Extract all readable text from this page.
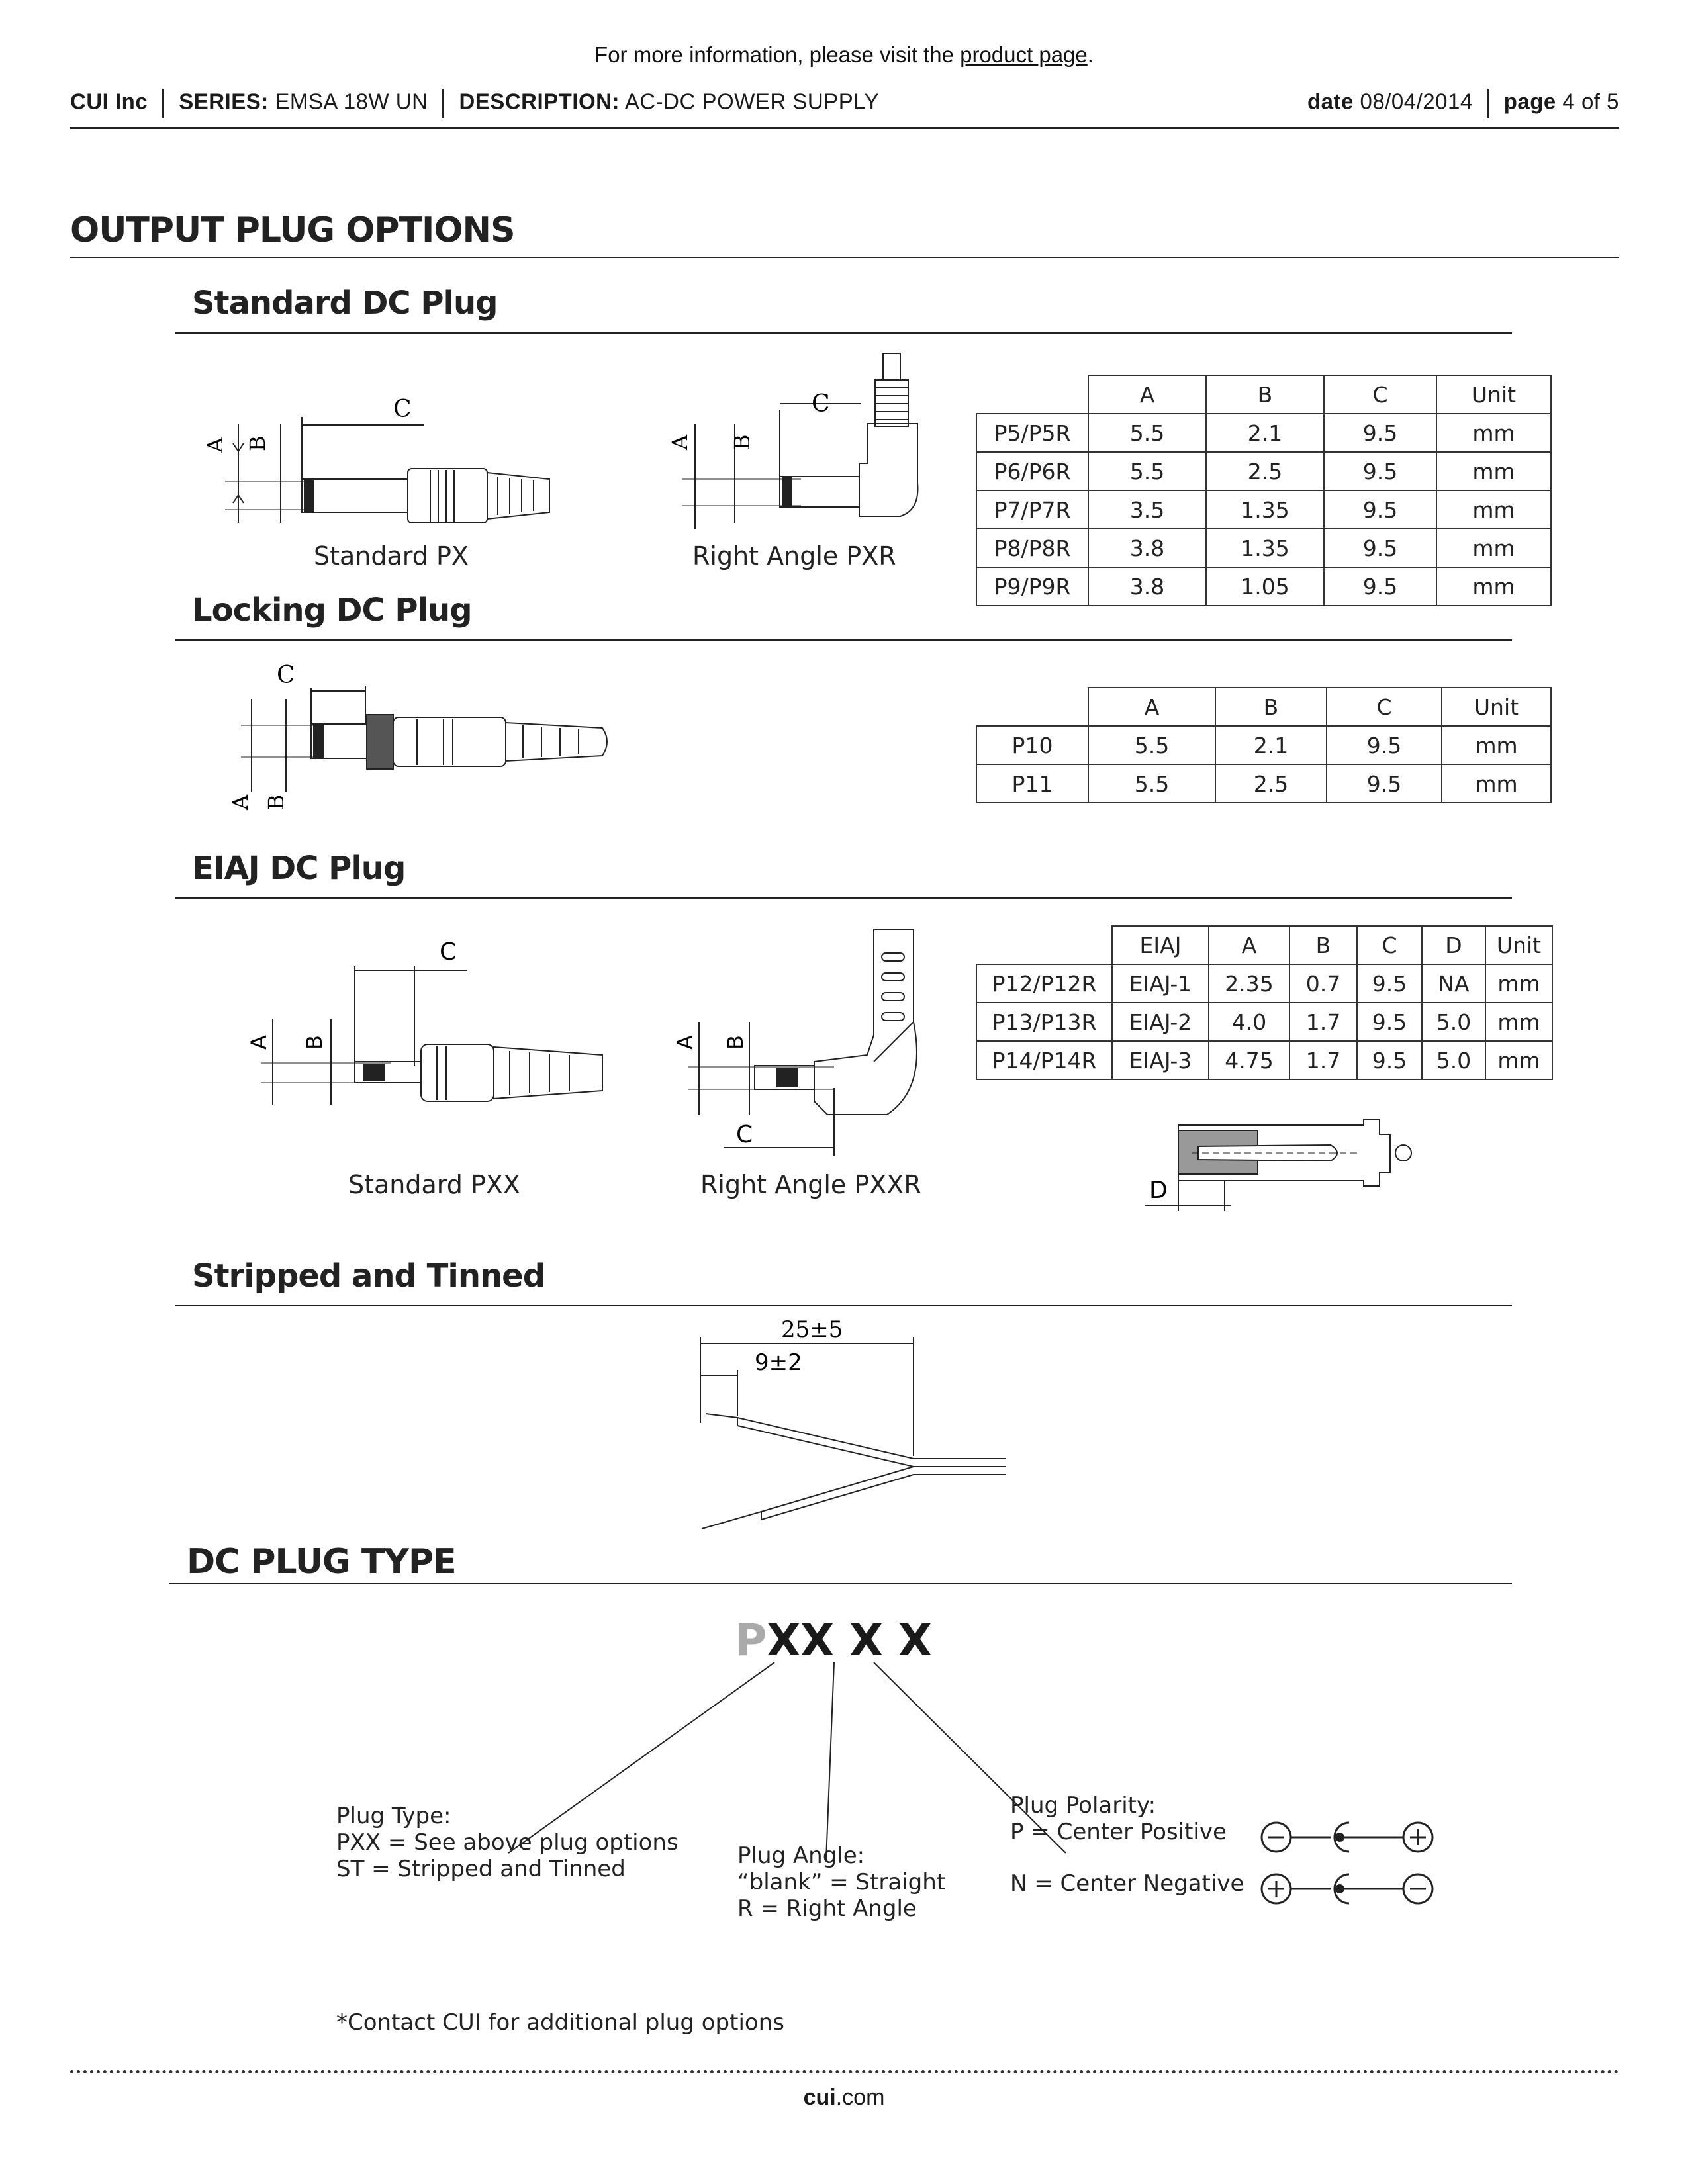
For more information, please visit the product page.
CUI Inc SERIES: EMSA 18W UN DESCRIPTION: AC-DC POWER SUPPLY	date 08/04/2014 page 4 of 5
OUTPUT PLUG OPTIONS
Standard DC Plug
A B
C
Standard PX
A B
C
Right Angle PXR
	A	B	C	Unit
P5/P5R	5.5	2.1	9.5	mm
P6/P6R	5.5	2.5	9.5	mm
P7/P7R	3.5	1.35	9.5	mm
P8/P8R	3.8	1.35	9.5	mm
P9/P9R	3.8	1.05	9.5	mm
Locking DC Plug
C
A B
	A	B	C	Unit
P10	5.5	2.1	9.5	mm
P11	5.5	2.5	9.5	mm
EIAJ DC Plug
C
A B
Standard PXX
A B
C
Right Angle PXXR
	EIAJ	A	B	C	D	Unit
P12/P12R	EIAJ-1	2.35	0.7	9.5	NA	mm
P13/P13R	EIAJ-2	4.0	1.7	9.5	5.0	mm
P14/P14R	EIAJ-3	4.75	1.7	9.5	5.0	mm
D
Stripped and Tinned
25±5
9±2
DC PLUG TYPE
PXX X X
Plug Type:
PXX = See above plug options
ST = Stripped and Tinned	Plug Angle:
“blank” = Straight
R = Right Angle
Plug Polarity:
P = Center Positive
N = Center Negative
*Contact CUI for additional plug options
cui.com
